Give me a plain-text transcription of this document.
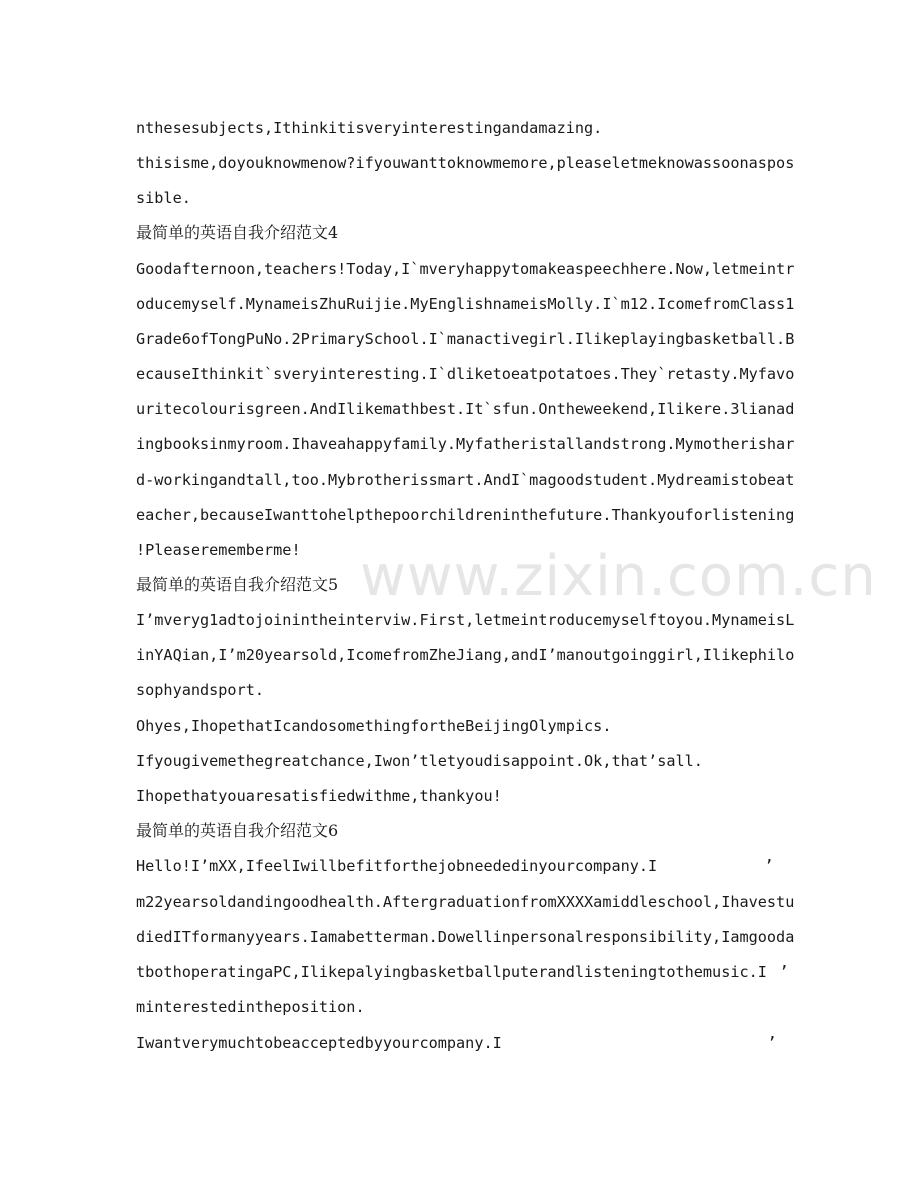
www.zixin.com.cn
nthesesubjects,Ithinkitisveryinterestingandamazing.
thisisme,doyouknowmenow?ifyouwanttoknowmemore,pleaseletmeknowassoonaspos
sible.
最简单的英语自我介绍范文4
Goodafternoon,teachers!Today,I`mveryhappytomakeaspeechhere.Now,letmeintr
oducemyself.MynameisZhuRuijie.MyEnglishnameisMolly.I`m12.IcomefromClass1
Grade6ofTongPuNo.2PrimarySchool.I`manactivegirl.Ilikeplayingbasketball.B
ecauseIthinkit`sveryinteresting.I`dliketoeatpotatoes.They`retasty.Myfavo
uritecolourisgreen.AndIlikemathbest.It`sfun.Ontheweekend,Ilikere.3lianad
ingbooksinmyroom.Ihaveahappyfamily.Myfatheristallandstrong.Mymotherishar
d-workingandtall,too.Mybrotherissmart.AndI`magoodstudent.Mydreamistobeat
eacher,becauseIwanttohelpthepoorchildreninthefuture.Thankyouforlistening
!Pleaserememberme!
最简单的英语自我介绍范文5
I’mveryg1adtojoinintheinterviw.First,letmeintroducemyselftoyou.MynameisL
inYAQian,I’m20yearsold,IcomefromZheJiang,andI’manoutgoinggirl,Ilikephilo
sophyandsport.
Ohyes,IhopethatIcandosomethingfortheBeijingOlympics.
Ifyougivemethegreatchance,Iwon’tletyoudisappoint.Ok,that’sall.
Ihopethatyouaresatisfiedwithme,thankyou!
最简单的英语自我介绍范文6
Hello!I’mXX,IfeelIwillbefitforthejobneededinyourcompany.I
m22yearsoldandingoodhealth.AftergraduationfromXXXXamiddleschool,Ihavestu
diedITformanyyears.Iamabetterman.Dowellinpersonalresponsibility,Iamgooda
tbothoperatingaPC,Ilikepalyingbasketballputerandlisteningtothemusic.I
minterestedintheposition.
Iwantverymuchtobeacceptedbyyourcompany.I
’
’
’
